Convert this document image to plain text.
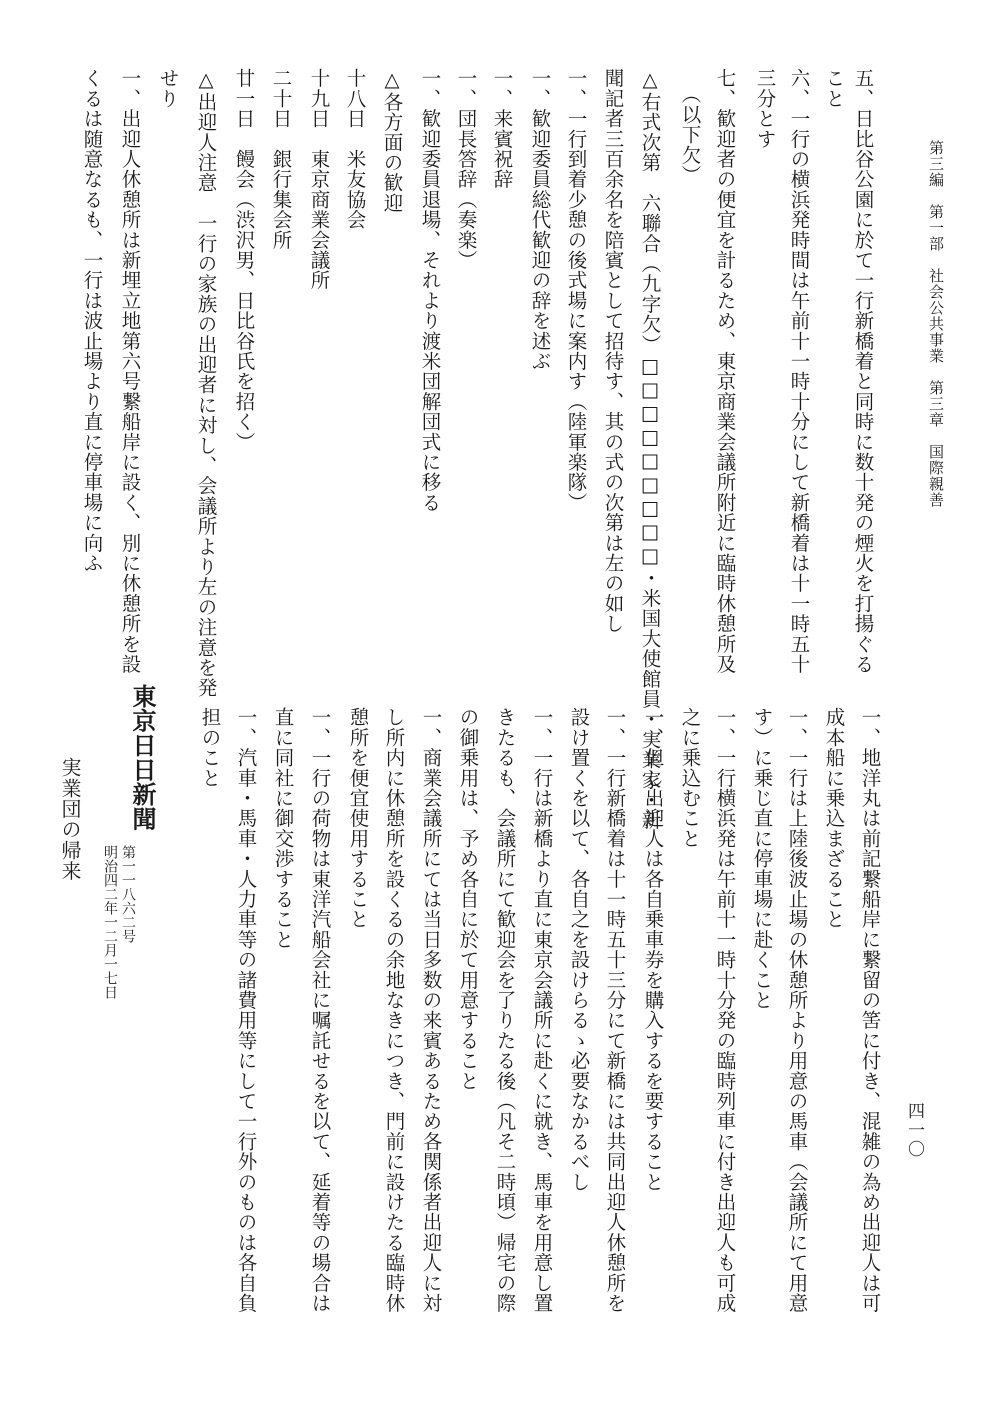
第三編　第一部　社会公共事業　第三章　国際親善
四一〇
五、日比谷公園に於て一行新橋着と同時に数十発の煙火を打揚ぐる
こと
六、一行の横浜発時間は午前十一時十分にして新橋着は十一時五十
三分とす
七、歓迎者の便宜を計るため、東京商業会議所附近に臨時休憩所及
（以下欠）
△右式次第　六聯合（九字欠）□□□□□□□□□・米国大使館員・実業家・新
聞記者三百余名を陪賓として招待す、其の式の次第は左の如し
一、一行到着少憩の後式場に案内す（陸軍楽隊）
一、歓迎委員総代歓迎の辞を述ぶ
一、来賓祝辞
一、団長答辞（奏楽）
一、歓迎委員退場、それより渡米団解団式に移る
△各方面の歓迎
十八日　米友協会
十九日　東京商業会議所
二十日　銀行集会所
廿一日　饅会（渋沢男、日比谷氏を招く）
△出迎人注意　一行の家族の出迎者に対し、会議所より左の注意を発
せり
一、出迎人休憩所は新埋立地第六号繋船岸に設く、別に休憩所を設
くるは随意なるも、一行は波止場より直に停車場に向ふ
一、地洋丸は前記繋船岸に繋留の筈に付き、混雑の為め出迎人は可
成本船に乗込まざること
一、一行は上陸後波止場の休憩所より用意の馬車（会議所にて用意
す）に乗じ直に停車場に赴くこと
一、一行横浜発は午前十一時十分発の臨時列車に付き出迎人も可成
之に乗込むこと
一、但し出迎人は各自乗車券を購入するを要すること
一、一行新橋着は十一時五十三分にて新橋には共同出迎人休憩所を
設け置くを以て、各自之を設けらるゝ必要なかるべし
一、一行は新橋より直に東京会議所に赴くに就き、馬車を用意し置
きたるも、会議所にて歓迎会を了りたる後（凡そ二時頃）帰宅の際
の御乗用は、予め各自に於て用意すること
一、商業会議所にては当日多数の来賓あるため各関係者出迎人に対
し所内に休憩所を設くるの余地なきにつき、門前に設けたる臨時休
憩所を便宜使用すること
一、一行の荷物は東洋汽船会社に嘱託せるを以て、延着等の場合は
直に同社に御交渉すること
一、汽車・馬車・人力車等の諸費用等にして一行外のものは各自負
担のこと
東京日日新聞
第一一八六二号
明治四二年一二月一七日
実業団の帰来
